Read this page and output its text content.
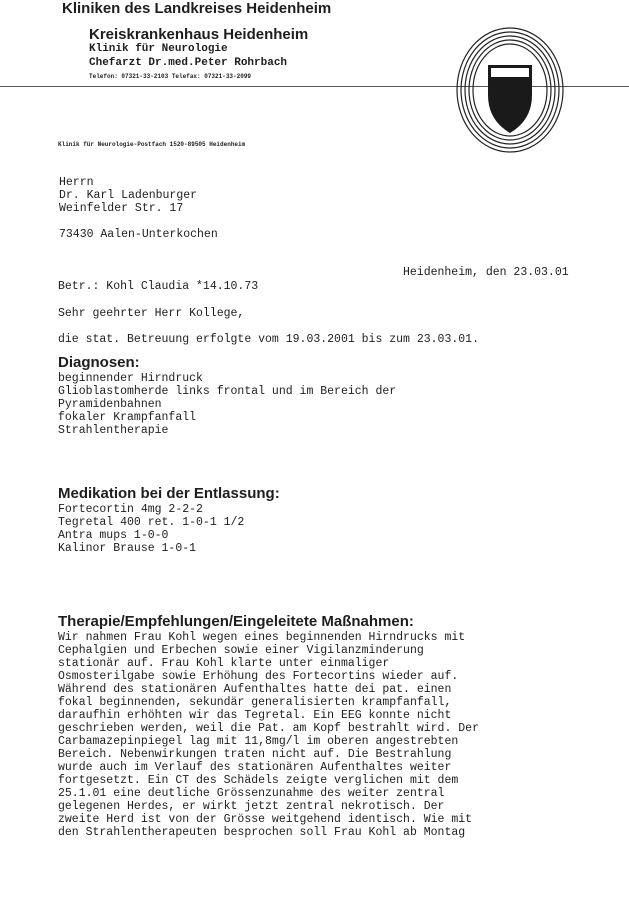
Kliniken des Landkreises Heidenheim
Kreiskrankenhaus Heidenheim
Klinik für Neurologie
Chefarzt Dr.med.Peter Rohrbach
Telefon: 07321-33-2103 Telefax: 07321-33-2099
Klinik für Neurologie-Postfach 1520-89505 Heidenheim
Herrn
Dr. Karl Ladenburger
Weinfelder Str. 17
73430 Aalen-Unterkochen
Heidenheim, den 23.03.01
Betr.: Kohl Claudia *14.10.73
Sehr geehrter Herr Kollege,
die stat. Betreuung erfolgte vom 19.03.2001 bis zum 23.03.01.
Diagnosen:
beginnender Hirndruck
Glioblastomherde links frontal und im Bereich der
Pyramidenbahnen
fokaler Krampfanfall
Strahlentherapie
Medikation bei der Entlassung:
Fortecortin 4mg 2-2-2
Tegretal 400 ret. 1-0-1 1/2
Antra mups 1-0-0
Kalinor Brause 1-0-1
Therapie/Empfehlungen/Eingeleitete Maßnahmen:
Wir nahmen Frau Kohl wegen eines beginnenden Hirndrucks mit
Cephalgien und Erbechen sowie einer Vigilanzminderung
stationär auf. Frau Kohl klarte unter einmaliger
Osmosterilgabe sowie Erhöhung des Fortecortins wieder auf.
Während des stationären Aufenthaltes hatte dei pat. einen
fokal beginnenden, sekundär generalisierten krampfanfall,
daraufhin erhöhten wir das Tegretal. Ein EEG konnte nicht
geschrieben werden, weil die Pat. am Kopf bestrahlt wird. Der
Carbamazepinpiegel lag mit 11,8mg/l im oberen angestrebten
Bereich. Nebenwirkungen traten nicht auf. Die Bestrahlung
wurde auch im Verlauf des stationären Aufenthaltes weiter
fortgesetzt. Ein CT des Schädels zeigte verglichen mit dem
25.1.01 eine deutliche Grössenzunahme des weiter zentral
gelegenen Herdes, er wirkt jetzt zentral nekrotisch. Der
zweite Herd ist von der Grösse weitgehend identisch. Wie mit
den Strahlentherapeuten besprochen soll Frau Kohl ab Montag
